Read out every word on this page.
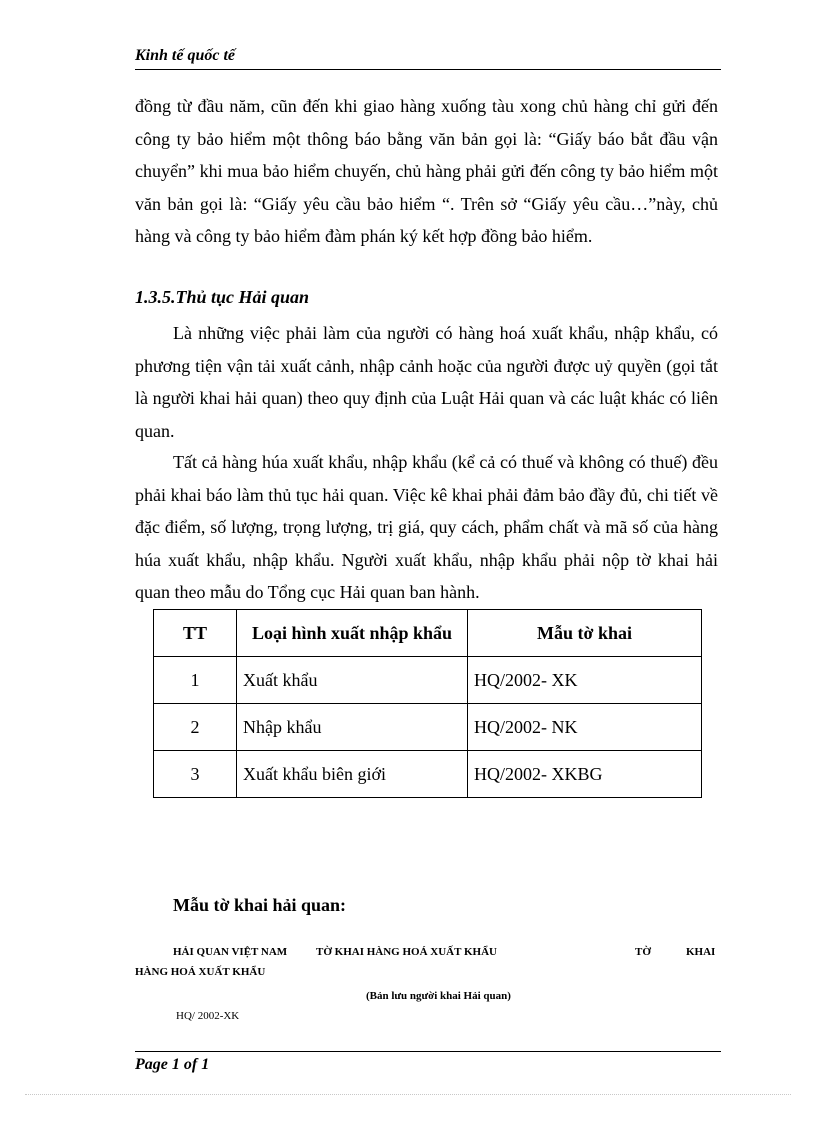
Kinh tế quốc tế
đồng từ đầu năm, cũn đến khi giao hàng xuống tàu xong chủ hàng chỉ gửi đến công ty bảo hiểm một thông báo bằng văn bản gọi là: “Giấy báo bắt đầu vận chuyển” khi mua bảo hiểm chuyến, chủ hàng phải gửi đến công ty bảo hiểm một văn bản gọi là: “Giấy yêu cầu bảo hiểm “. Trên sở “Giấy yêu cầu…”này, chủ hàng và công ty bảo hiểm đàm phán ký kết hợp đồng bảo hiểm.
1.3.5.Thủ tục Hải quan
Là những việc phải làm của người có hàng hoá xuất khẩu, nhập khẩu, có phương tiện vận tải xuất cảnh, nhập cảnh hoặc của người được uỷ quyền (gọi tắt là người khai hải quan) theo quy định của Luật Hải quan và các luật khác có liên quan.
Tất cả hàng húa xuất khẩu, nhập khẩu (kể cả có thuế và không có thuế) đều phải khai báo làm thủ tục hải quan. Việc kê khai phải đảm bảo đầy đủ, chi tiết về đặc điểm, số lượng, trọng lượng, trị giá, quy cách, phẩm chất và mã số của hàng húa xuất khẩu, nhập khẩu. Người xuất khẩu, nhập khẩu phải nộp tờ khai hải quan theo mẫu do Tổng cục Hải quan ban hành.
TT	Loại hình xuất nhập khẩu	Mẫu tờ khai
1	Xuất khẩu	HQ/2002- XK
2	Nhập khẩu	HQ/2002- NK
3	Xuất khẩu biên giới	HQ/2002- XKBG
Mẫu tờ khai hải quan:
HẢI QUAN VIỆT NAM	TỜ KHAI HÀNG HOÁ XUẤT KHẨU	TỜ	KHAI
HÀNG HOÁ XUẤT KHẨU
(Bản lưu người khai Hải quan)
HQ/ 2002-XK
Page 1 of 1
